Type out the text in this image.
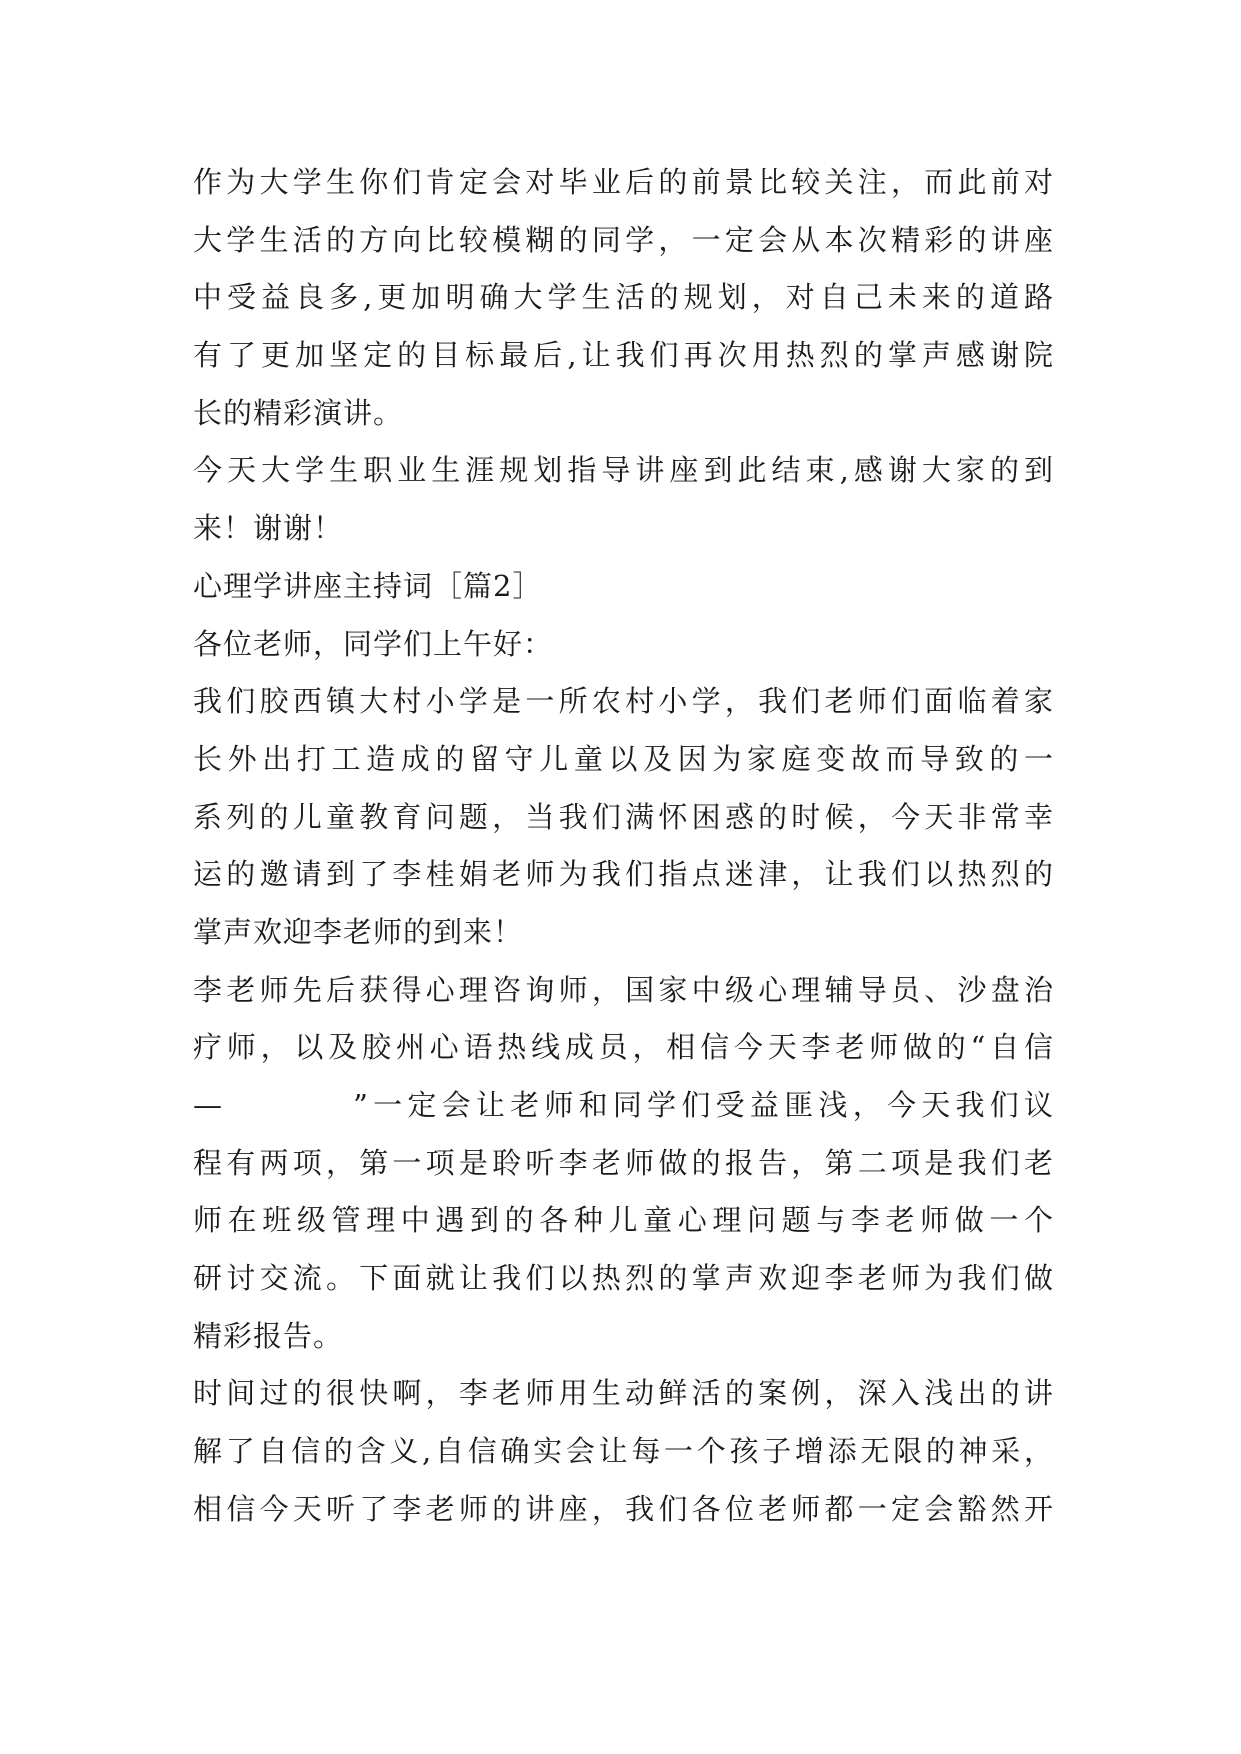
作为大学生你们肯定会对毕业后的前景比较关注，而此前对
大学生活的方向比较模糊的同学，一定会从本次精彩的讲座
中受益良多,更加明确大学生活的规划，对自己未来的道路
有了更加坚定的目标最后,让我们再次用热烈的掌声感谢院
长的精彩演讲。
今天大学生职业生涯规划指导讲座到此结束,感谢大家的到
来！谢谢！
心理学讲座主持词［篇2］
各位老师，同学们上午好：
我们胶西镇大村小学是一所农村小学，我们老师们面临着家
长外出打工造成的留守儿童以及因为家庭变故而导致的一
系列的儿童教育问题，当我们满怀困惑的时候，今天非常幸
运的邀请到了李桂娟老师为我们指点迷津，让我们以热烈的
掌声欢迎李老师的到来！
李老师先后获得心理咨询师，国家中级心理辅导员、沙盘治
疗师，以及胶州心语热线成员，相信今天李老师做的“自信
—	”一定会让老师和同学们受益匪浅，今天我们议
程有两项，第一项是聆听李老师做的报告，第二项是我们老
师在班级管理中遇到的各种儿童心理问题与李老师做一个
研讨交流。下面就让我们以热烈的掌声欢迎李老师为我们做
精彩报告。
时间过的很快啊，李老师用生动鲜活的案例，深入浅出的讲
解了自信的含义,自信确实会让每一个孩子增添无限的神采，
相信今天听了李老师的讲座，我们各位老师都一定会豁然开
